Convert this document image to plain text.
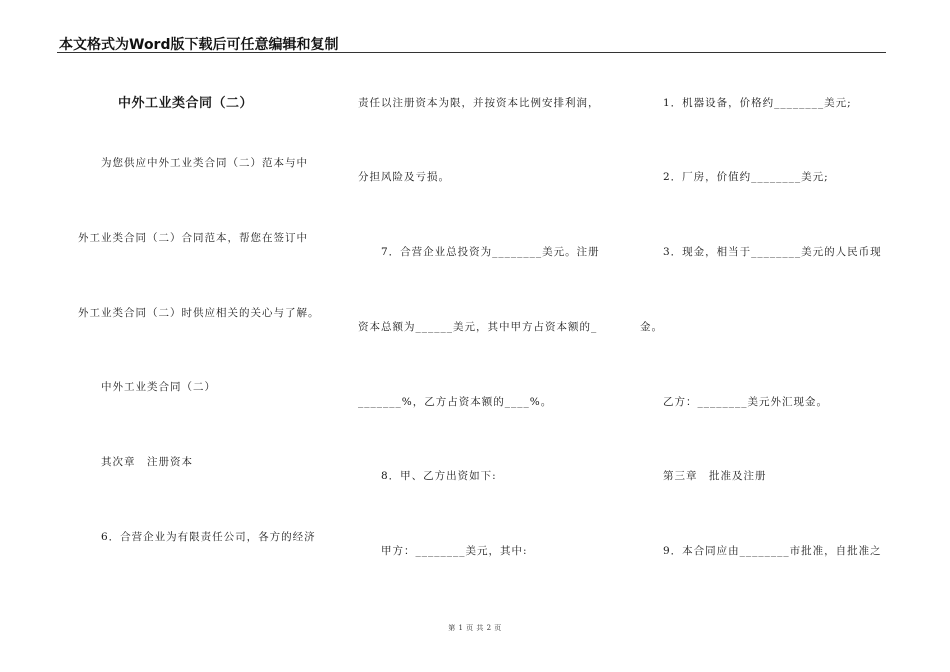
本文格式为Word版下载后可任意编辑和复制
中外工业类合同（二）
为您供应中外工业类合同（二）范本与中
外工业类合同（二）合同范本，帮您在签订中
外工业类合同（二）时供应相关的关心与了解。
中外工业类合同（二）
其次章　注册资本
6．合营企业为有限责任公司，各方的经济
责任以注册资本为限，并按资本比例安排利润，
分担风险及亏损。
7．合营企业总投资为________美元。注册
资本总额为______美元，其中甲方占资本额的_
_______%，乙方占资本额的____%。
8．甲、乙方出资如下:
甲方：________美元，其中:
1．机器设备，价格约________美元;
2．厂房，价值约________美元;
3．现金，相当于________美元的人民币现
金。
乙方：________美元外汇现金。
第三章　批准及注册
9．本合同应由________市批准，自批准之
第 1 页 共 2 页
